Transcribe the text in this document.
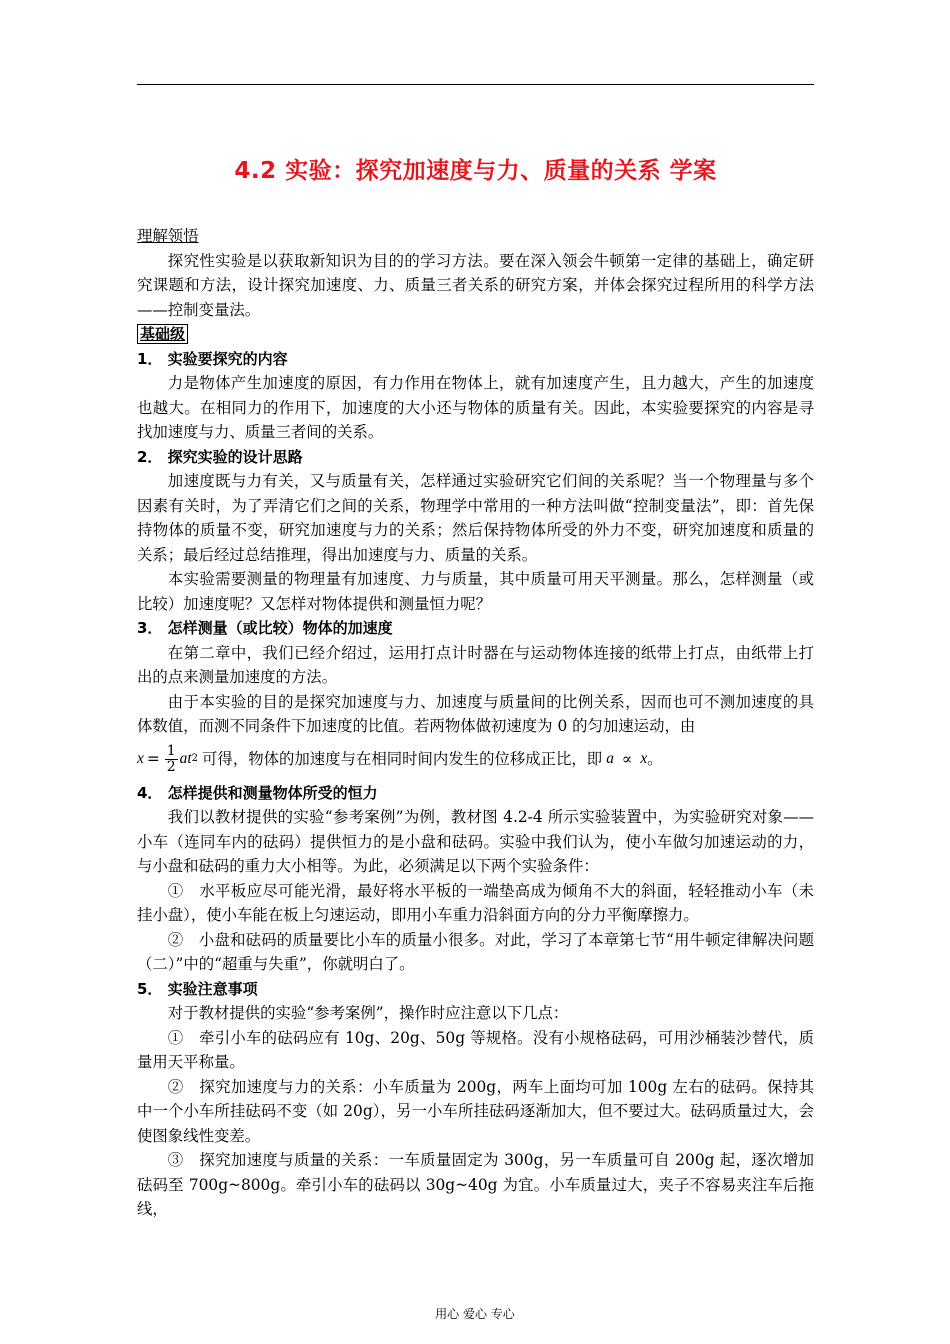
4.2 实验：探究加速度与力、质量的关系 学案

理解领悟

探究性实验是以获取新知识为目的的学习方法。要在深入领会牛顿第一定律的基础上，确定研究课题和方法，设计探究加速度、力、质量三者关系的研究方案，并体会探究过程所用的科学方法——控制变量法。

基础级

1． 实验要探究的内容

力是物体产生加速度的原因，有力作用在物体上，就有加速度产生，且力越大，产生的加速度也越大。在相同力的作用下，加速度的大小还与物体的质量有关。因此，本实验要探究的内容是寻找加速度与力、质量三者间的关系。

2． 探究实验的设计思路

加速度既与力有关，又与质量有关，怎样通过实验研究它们间的关系呢？当一个物理量与多个因素有关时，为了弄清它们之间的关系，物理学中常用的一种方法叫做“控制变量法”，即：首先保持物体的质量不变，研究加速度与力的关系；然后保持物体所受的外力不变，研究加速度和质量的关系；最后经过总结推理，得出加速度与力、质量的关系。

本实验需要测量的物理量有加速度、力与质量，其中质量可用天平测量。那么，怎样测量（或比较）加速度呢？又怎样对物体提供和测量恒力呢？

3． 怎样测量（或比较）物体的加速度

在第二章中，我们已经介绍过，运用打点计时器在与运动物体连接的纸带上打点，由纸带上打出的点来测量加速度的方法。

由于本实验的目的是探究加速度与力、加速度与质量间的比例关系，因而也可不测加速度的具体数值，而测不同条件下加速度的比值。若两物体做初速度为 0 的匀加速运动，由

$x = \frac{1}{2}$ at 2 可得，物体的加速度与在相同时间内发生的位移成正比，即 a ∝ x 。

4． 怎样提供和测量物体所受的恒力

我们以教材提供的实验“参考案例”为例，教材图 4.2-4 所示实验装置中，为实验研究对象——小车（连同车内的砝码）提供恒力的是小盘和砝码。实验中我们认为，使小车做匀加速运动的力，与小盘和砝码的重力大小相等。为此，必须满足以下两个实验条件：

①　水平板应尽可能光滑，最好将水平板的一端垫高成为倾角不大的斜面，轻轻推动小车（未挂小盘），使小车能在板上匀速运动，即用小车重力沿斜面方向的分力平衡摩擦力。

②　小盘和砝码的质量要比小车的质量小很多。对此，学习了本章第七节“用牛顿定律解决问题（二）”中的“超重与失重”，你就明白了。

5． 实验注意事项

对于教材提供的实验“参考案例”，操作时应注意以下几点：

①　牵引小车的砝码应有 10g、20g、50g 等规格。没有小规格砝码，可用沙桶装沙替代，质量用天平称量。

②　探究加速度与力的关系：小车质量为 200g，两车上面均可加 100g 左右的砝码。保持其中一个小车所挂砝码不变（如 20g），另一小车所挂砝码逐渐加大，但不要过大。砝码质量过大，会使图象线性变差。

③　探究加速度与质量的关系：一车质量固定为 300g，另一车质量可自 200g 起，逐次增加砝码至 700g~800g。牵引小车的砝码以 30g~40g 为宜。小车质量过大，夹子不容易夹注车后拖线，

用心 爱心 专心
